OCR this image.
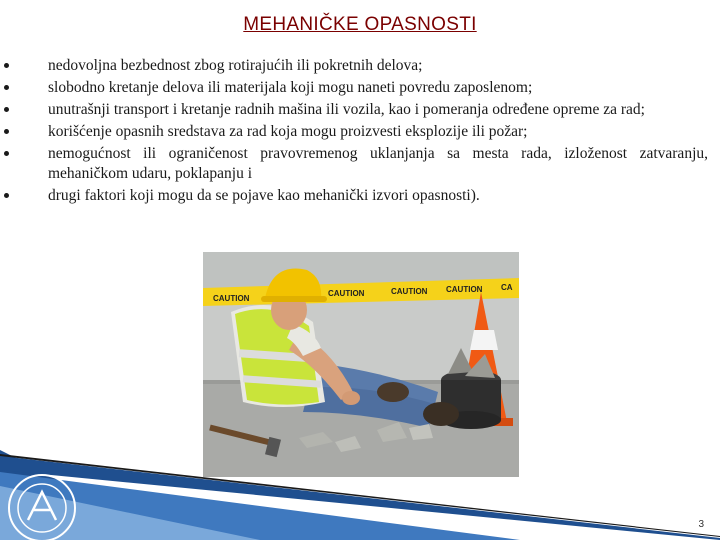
MEHANIČKE OPASNOSTI
nedovoljna bezbednost zbog rotirajućih ili pokretnih delova;
slobodno kretanje delova ili materijala koji mogu naneti povredu zaposlenom;
unutrašnji transport i kretanje radnih mašina ili vozila, kao i pomeranja određene opreme za rad;
korišćenje opasnih sredstava za rad koja mogu proizvesti eksplozije ili požar;
nemogućnost ili ograničenost pravovremenog uklanjanja sa mesta rada, izloženost zatvaranju, mehaničkom udaru, poklapanju i
drugi faktori koji mogu da se pojave kao mehanički izvori opasnosti).
CAUTION
CAUTION	CAUTION CAUTION CA
3
